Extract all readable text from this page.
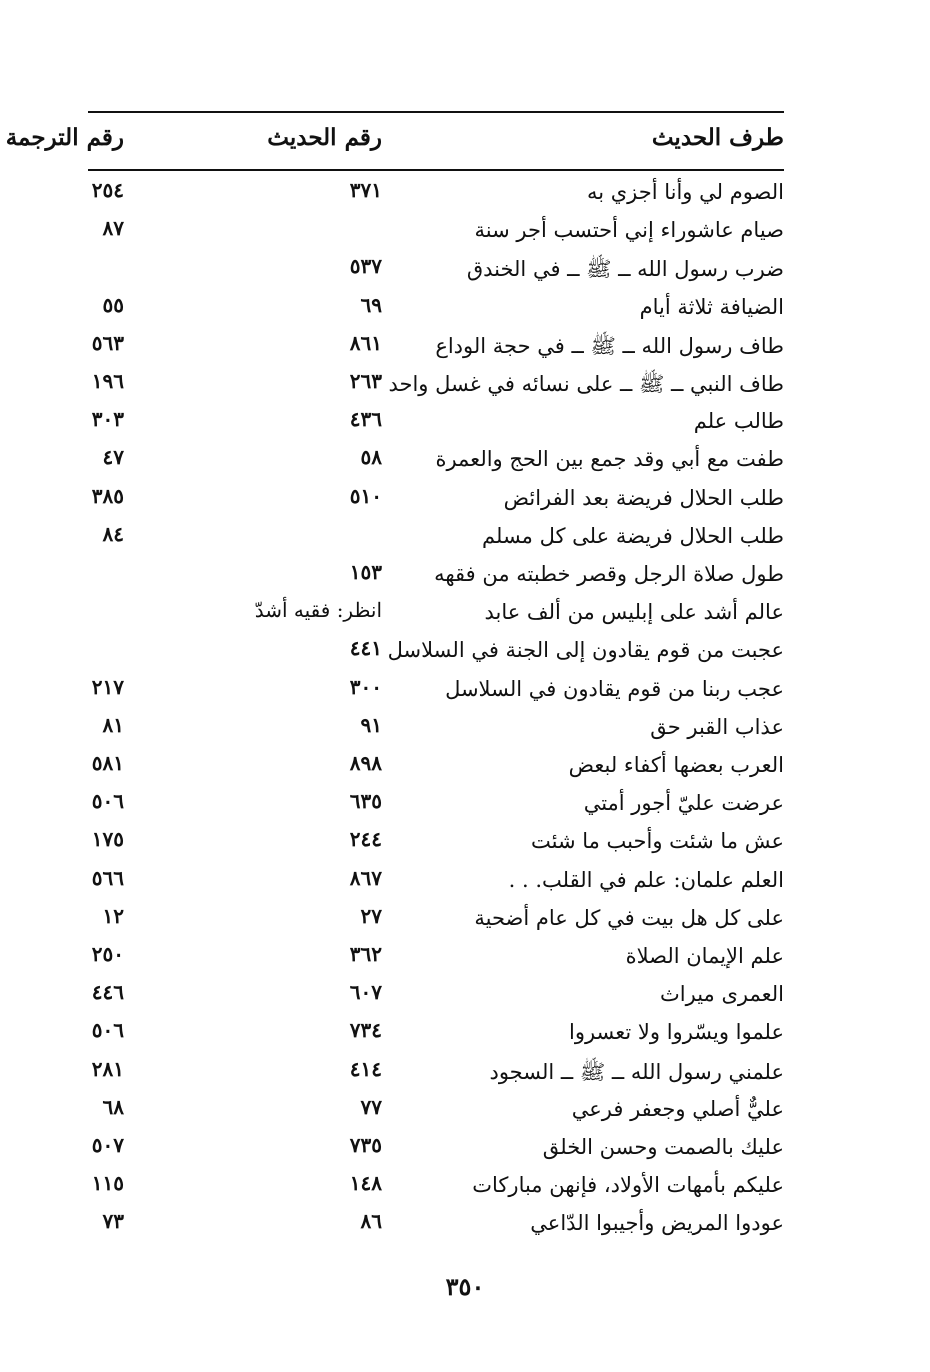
طرف الحديث
رقم الحديث
رقم الترجمة
الصوم لي وأنا أجزي به
٣٧١
٢٥٤
صيام عاشوراء إني أحتسب أجر سنة
٨٧
ضرب رسول الله ــ ﷺ ــ في الخندق
٥٣٧
الضيافة ثلاثة أيام
٦٩
٥٥
طاف رسول الله ــ ﷺ ــ في حجة الوداع
٨٦١
٥٦٣
طاف النبي ــ ﷺ ــ على نسائه في غسل واحد
٢٦٣
١٩٦
طالب علم
٤٣٦
٣٠٣
طفت مع أبي وقد جمع بين الحج والعمرة
٥٨
٤٧
طلب الحلال فريضة بعد الفرائض
٥١٠
٣٨٥
طلب الحلال فريضة على كل مسلم
٨٤
طول صلاة الرجل وقصر خطبته من فقهه
١٥٣
عالم أشد على إبليس من ألف عابد
انظر: فقيه أشدّ
عجبت من قوم يقادون إلى الجنة في السلاسل
٤٤١
عجب ربنا من قوم يقادون في السلاسل
٣٠٠
٢١٧
عذاب القبر حق
٩١
٨١
العرب بعضها أكفاء لبعض
٨٩٨
٥٨١
عرضت عليّ أجور أمتي
٦٣٥
٥٠٦
عش ما شئت وأحبب ما شئت
٢٤٤
١٧٥
العلم علمان: علم في القلب. . .
٨٦٧
٥٦٦
على كل هل بيت في كل عام أضحية
٢٧
١٢
علم الإيمان الصلاة
٣٦٢
٢٥٠
العمرى ميراث
٦٠٧
٤٤٦
علموا ويسّروا ولا تعسروا
٧٣٤
٥٠٦
علمني رسول الله ــ ﷺ ــ السجود
٤١٤
٢٨١
عليٌّ أصلي وجعفر فرعي
٧٧
٦٨
عليك بالصمت وحسن الخلق
٧٣٥
٥٠٧
عليكم بأمهات الأولاد، فإنهن مباركات
١٤٨
١١٥
عودوا المريض وأجيبوا الدّاعي
٨٦
٧٣
٣٥٠
